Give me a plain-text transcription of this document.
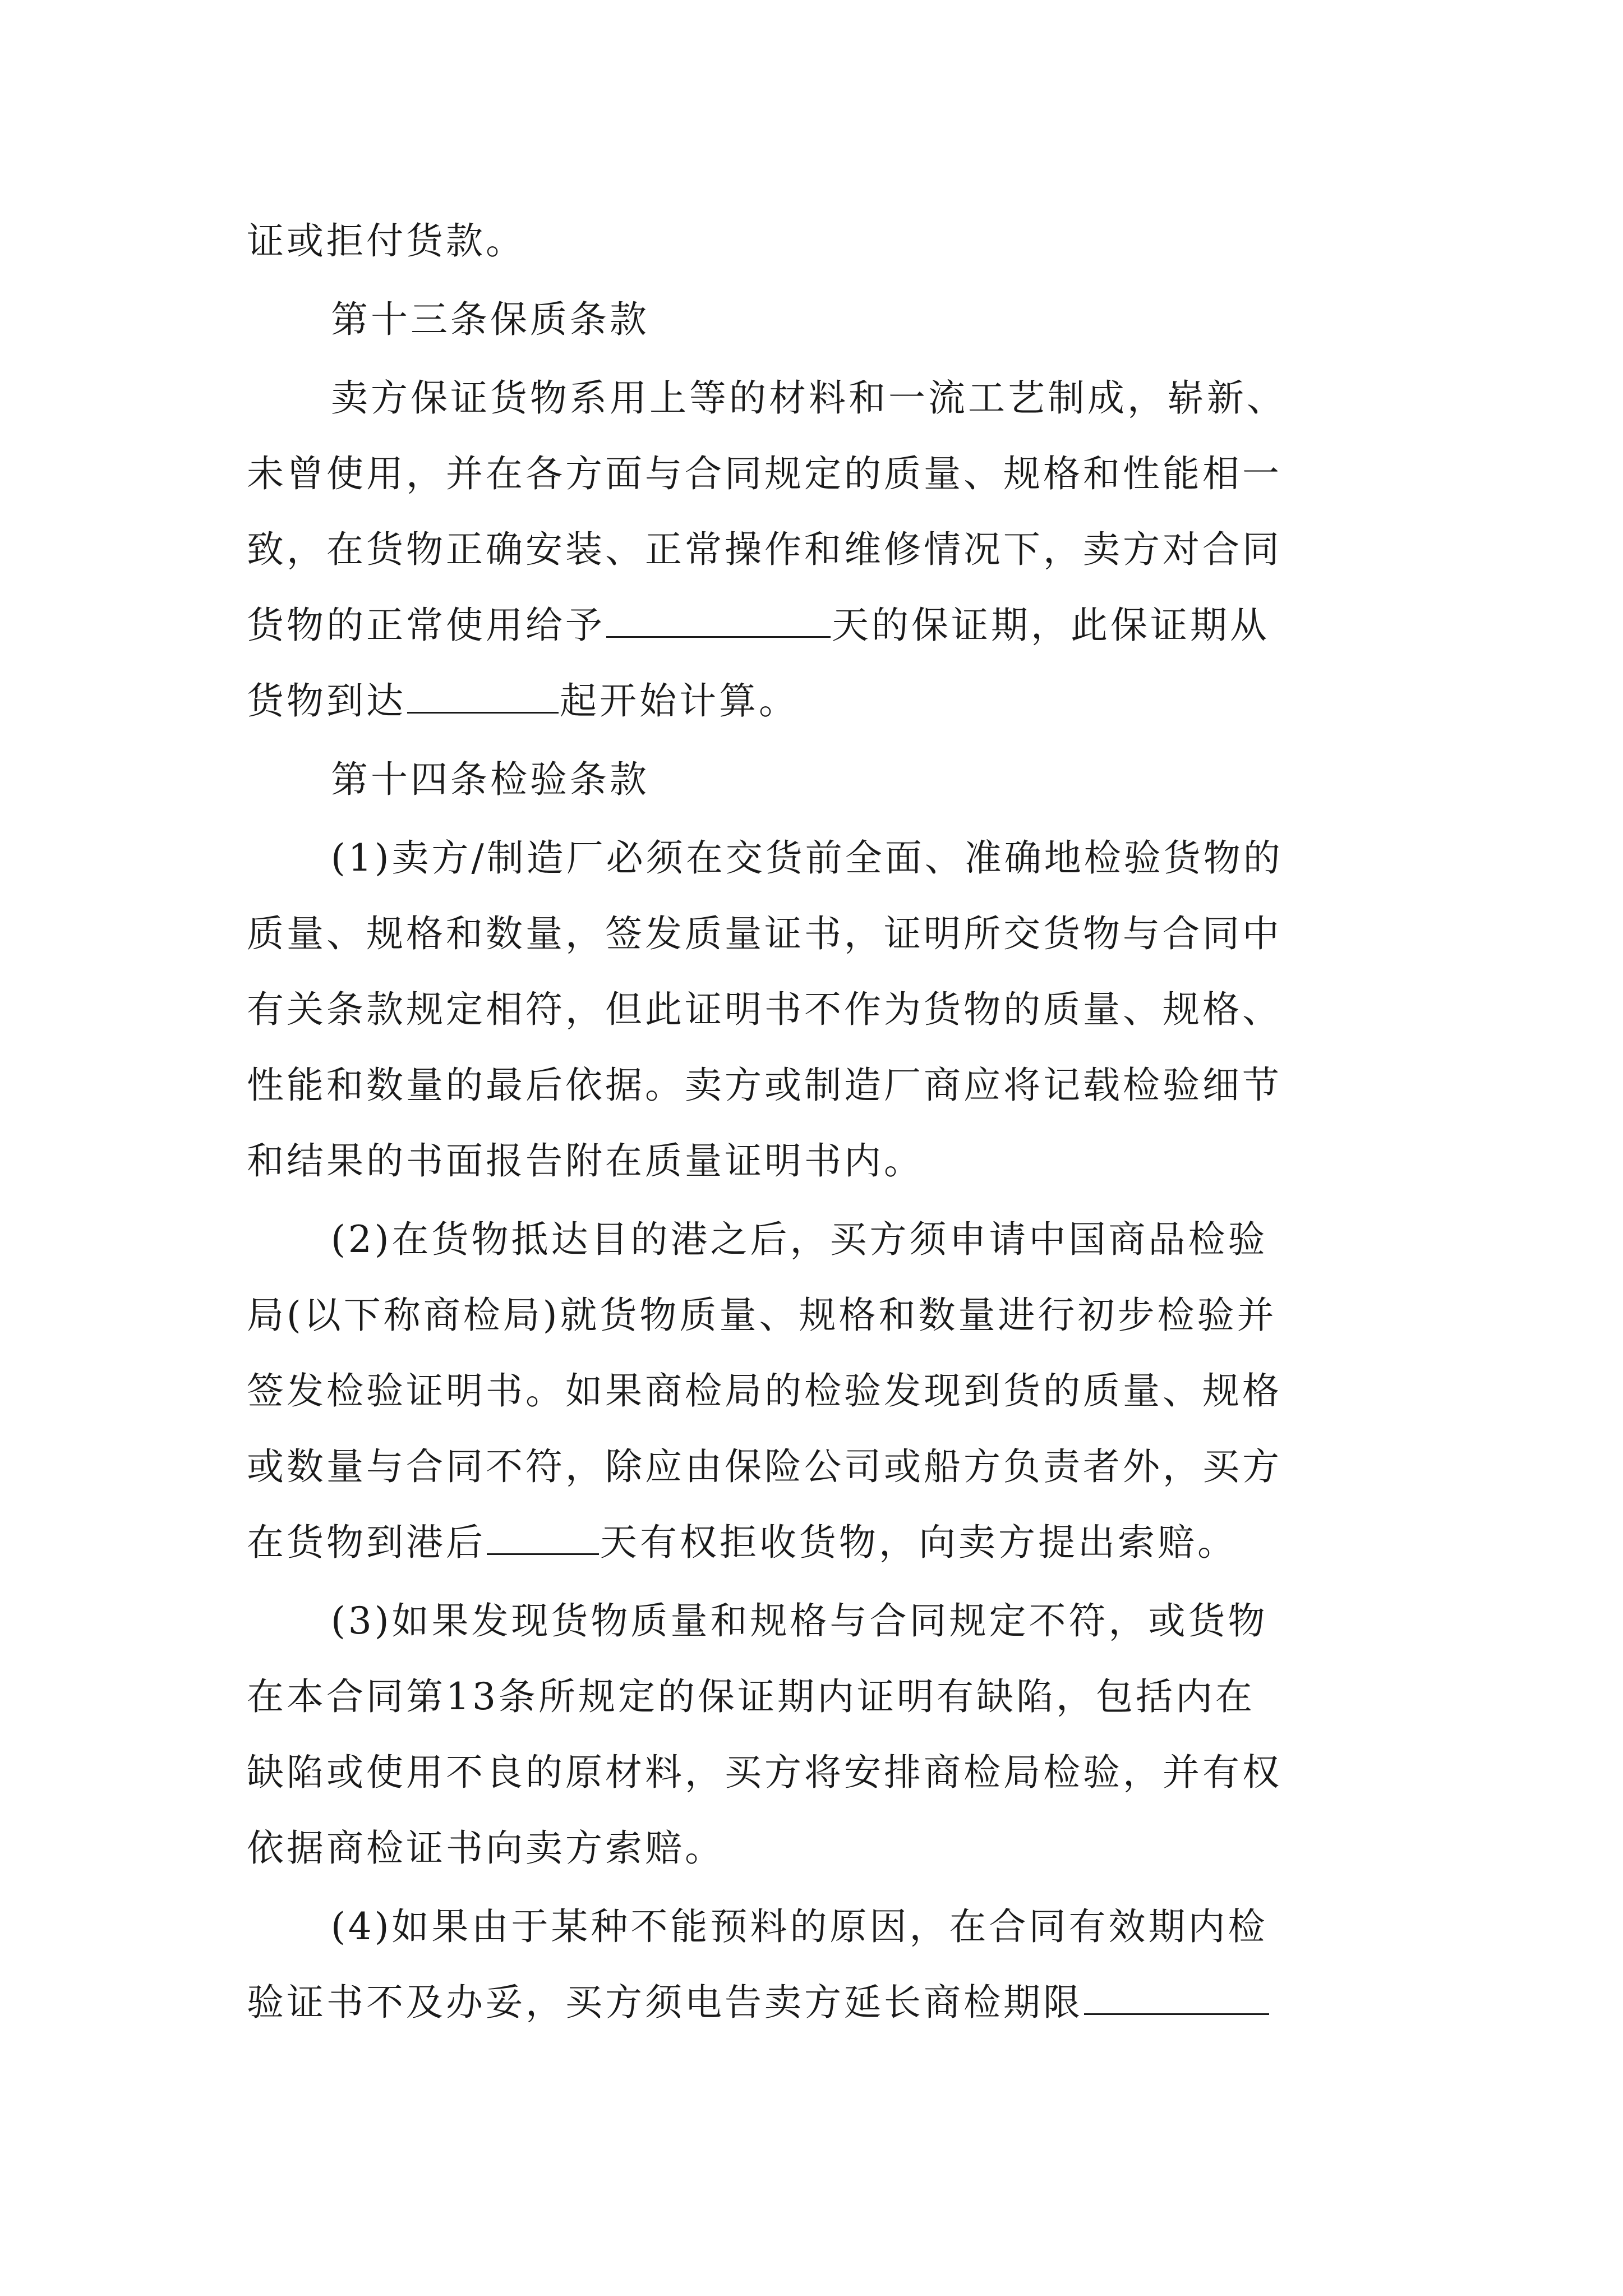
证或拒付货款。
第十三条保质条款
卖方保证货物系用上等的材料和一流工艺制成，崭新、
未曾使用，并在各方面与合同规定的质量、规格和性能相一
致，在货物正确安装、正常操作和维修情况下，卖方对合同
货物的正常使用给予	天的保证期，此保证期从
货物到达	起开始计算。
第十四条检验条款
(1)卖方/制造厂必须在交货前全面、准确地检验货物的
质量、规格和数量，签发质量证书，证明所交货物与合同中
有关条款规定相符，但此证明书不作为货物的质量、规格、
性能和数量的最后依据。卖方或制造厂商应将记载检验细节
和结果的书面报告附在质量证明书内。
(2)在货物抵达目的港之后，买方须申请中国商品检验
局(以下称商检局)就货物质量、规格和数量进行初步检验并
签发检验证明书。如果商检局的检验发现到货的质量、规格
或数量与合同不符，除应由保险公司或船方负责者外，买方
在货物到港后	天有权拒收货物，向卖方提出索赔。
(3)如果发现货物质量和规格与合同规定不符，或货物
在本合同第13条所规定的保证期内证明有缺陷，包括内在
缺陷或使用不良的原材料，买方将安排商检局检验，并有权
依据商检证书向卖方索赔。
(4)如果由于某种不能预料的原因，在合同有效期内检
验证书不及办妥，买方须电告卖方延长商检期限
